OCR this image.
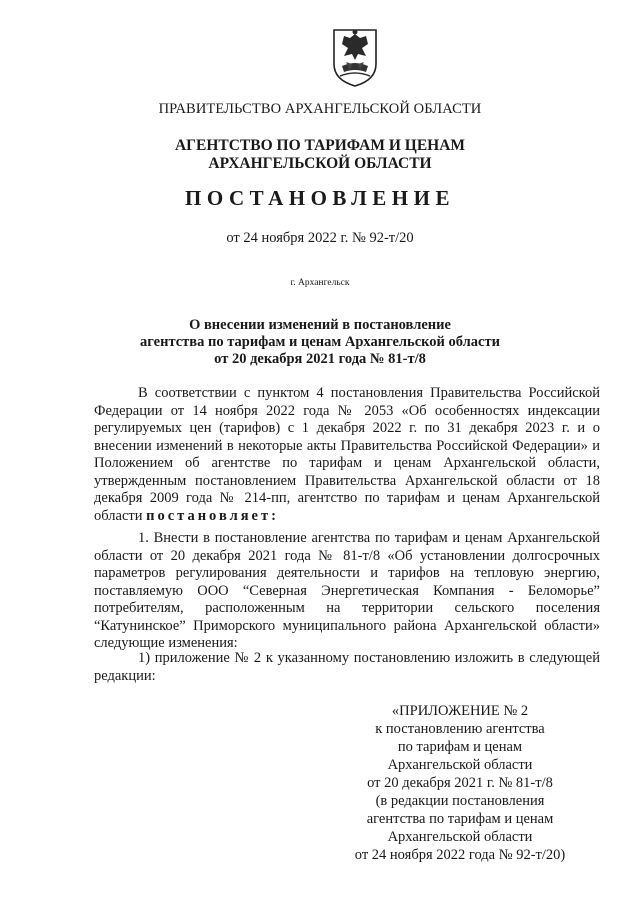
ПРАВИТЕЛЬСТВО АРХАНГЕЛЬСКОЙ ОБЛАСТИ
АГЕНТСТВО ПО ТАРИФАМ И ЦЕНАМ
АРХАНГЕЛЬСКОЙ ОБЛАСТИ
ПОСТАНОВЛЕНИЕ
от 24 ноября 2022 г. № 92-т/20
г. Архангельск
О внесении изменений в постановление
агентства по тарифам и ценам Архангельской области
от 20 декабря 2021 года № 81-т/8
В соответствии с пунктом 4 постановления Правительства Российской Федерации от 14 ноября 2022 года № 2053 «Об особенностях индексации регулируемых цен (тарифов) с 1 декабря 2022 г. по 31 декабря 2023 г. и о внесении изменений в некоторые акты Правительства Российской Федерации» и Положением об агентстве по тарифам и ценам Архангельской области, утвержденным постановлением Правительства Архангельской области от 18 декабря 2009 года № 214-пп, агентство по тарифам и ценам Архангельской области постановляет:
1. Внести в постановление агентства по тарифам и ценам Архангельской области от 20 декабря 2021 года № 81-т/8 «Об установлении долгосрочных параметров регулирования деятельности и тарифов на тепловую энергию, поставляемую ООО “Северная Энергетическая Компания - Беломорье” потребителям, расположенным на территории сельского поселения “Катунинское” Приморского муниципального района Архангельской области» следующие изменения:
1) приложение № 2 к указанному постановлению изложить в следующей редакции:
«ПРИЛОЖЕНИЕ № 2
к постановлению агентства
по тарифам и ценам
Архангельской области
от 20 декабря 2021 г. № 81-т/8
(в редакции постановления
агентства по тарифам и ценам
Архангельской области
от 24 ноября 2022 года № 92-т/20)
